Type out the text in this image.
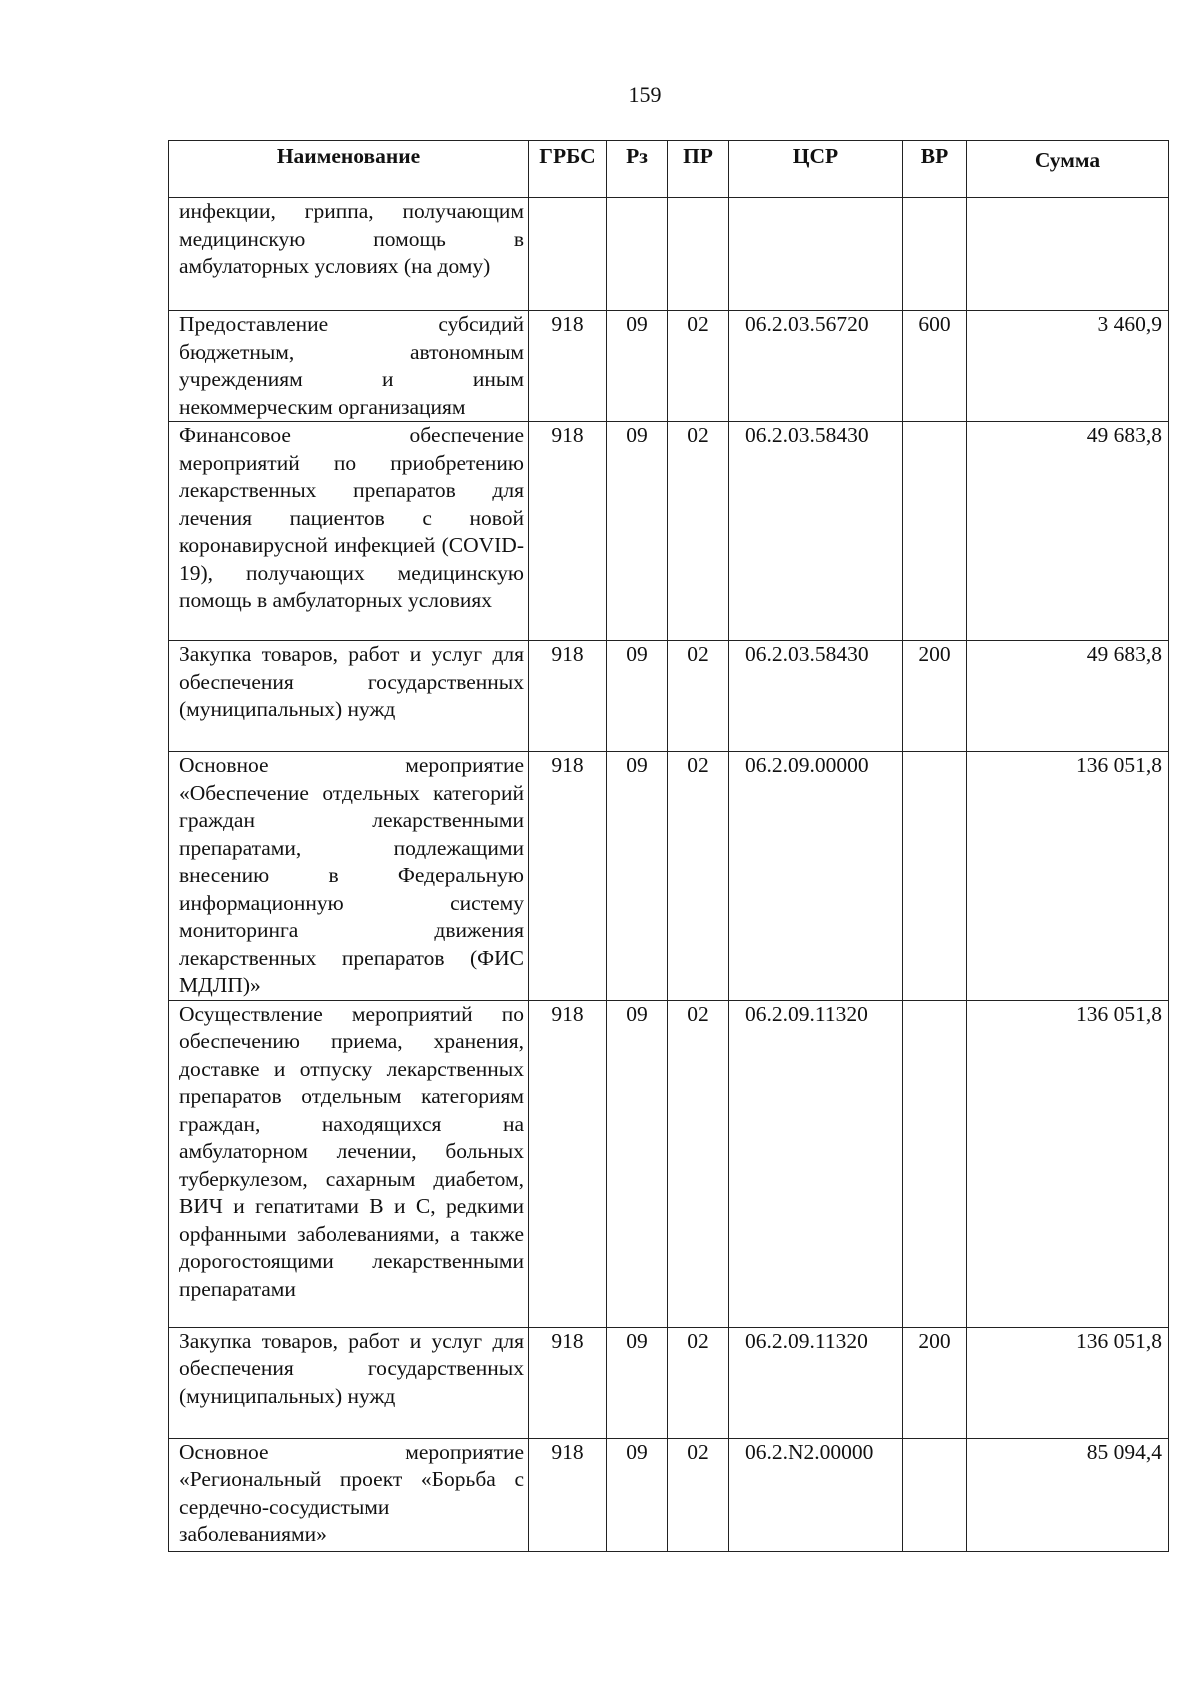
159
Наименование	ГРБС	Рз	ПР	ЦСР	ВР	Сумма

инфекции, гриппа, получающим медицинскую помощь в амбулаторных условиях (на дому)						
Предоставление субсидий бюджетным, автономным учреждениям и иным некоммерческим организациям	918	09	02	06.2.03.56720	600	3 460,9
Финансовое обеспечение мероприятий по приобретению лекарственных препаратов для лечения пациентов с новой коронавирусной инфекцией (COVID-19), получающих медицинскую помощь в амбулаторных условиях	918	09	02	06.2.03.58430		49 683,8
Закупка товаров, работ и услуг для обеспечения государственных (муниципальных) нужд	918	09	02	06.2.03.58430	200	49 683,8
Основное мероприятие «Обеспечение отдельных категорий граждан лекарственными препаратами, подлежащими внесению в Федеральную информационную систему мониторинга движения лекарственных препаратов (ФИС МДЛП)»	918	09	02	06.2.09.00000		136 051,8
Осуществление мероприятий по обеспечению приема, хранения, доставке и отпуску лекарственных препаратов отдельным категориям граждан, находящихся на амбулаторном лечении, больных туберкулезом, сахарным диабетом, ВИЧ и гепатитами В и С, редкими орфанными заболеваниями, а также дорогостоящими лекарственными препаратами	918	09	02	06.2.09.11320		136 051,8
Закупка товаров, работ и услуг для обеспечения государственных (муниципальных) нужд	918	09	02	06.2.09.11320	200	136 051,8
Основное мероприятие «Региональный проект «Борьба с сердечно-сосудистыми заболеваниями»	918	09	02	06.2.N2.00000		85 094,4
